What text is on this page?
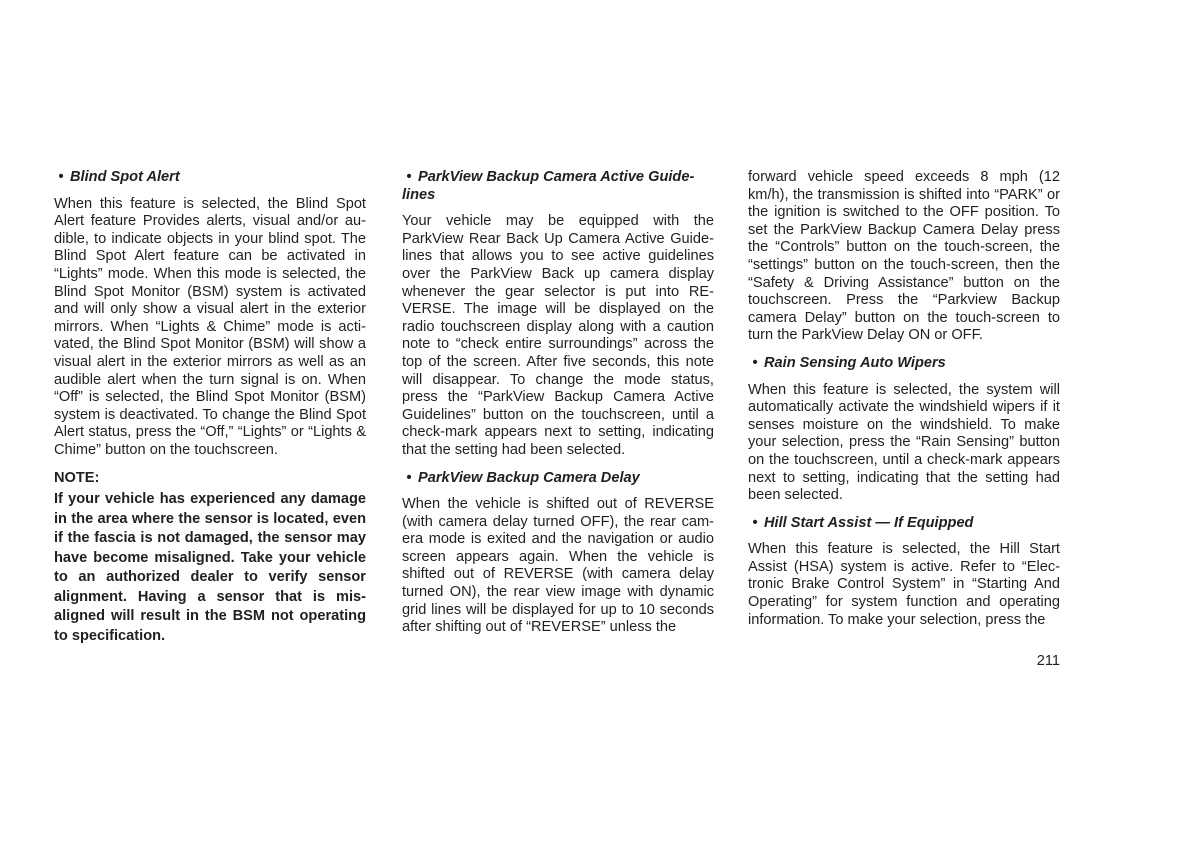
• Blind Spot Alert

When this feature is selected, the Blind Spot Alert feature Provides alerts, visual and/or au-dible, to indicate objects in your blind spot. The Blind Spot Alert feature can be activated in “Lights” mode. When this mode is selected, the Blind Spot Monitor (BSM) system is activated and will only show a visual alert in the exterior mirrors. When “Lights & Chime” mode is acti-vated, the Blind Spot Monitor (BSM) will show a visual alert in the exterior mirrors as well as an audible alert when the turn signal is on. When “Off” is selected, the Blind Spot Monitor (BSM) system is deactivated. To change the Blind Spot Alert status, press the “Off,” “Lights” or “Lights & Chime” button on the touchscreen.

NOTE:

If your vehicle has experienced any damage in the area where the sensor is located, even if the fascia is not damaged, the sensor may have become misaligned. Take your vehicle to an authorized dealer to verify sensor alignment. Having a sensor that is mis-aligned will result in the BSM not operating to specification.

• ParkView Backup Camera Active Guide-lines

Your vehicle may be equipped with the ParkView Rear Back Up Camera Active Guide-lines that allows you to see active guidelines over the ParkView Back up camera display whenever the gear selector is put into RE-VERSE. The image will be displayed on the radio touchscreen display along with a caution note to “check entire surroundings” across the top of the screen. After five seconds, this note will disappear. To change the mode status, press the “ParkView Backup Camera Active Guidelines” button on the touchscreen, until a check-mark appears next to setting, indicating that the setting had been selected.

• ParkView Backup Camera Delay

When the vehicle is shifted out of REVERSE (with camera delay turned OFF), the rear cam-era mode is exited and the navigation or audio screen appears again. When the vehicle is shifted out of REVERSE (with camera delay turned ON), the rear view image with dynamic grid lines will be displayed for up to 10 seconds after shifting out of “REVERSE” unless the

forward vehicle speed exceeds 8 mph (12 km/h), the transmission is shifted into “PARK” or the ignition is switched to the OFF position. To set the ParkView Backup Camera Delay press the “Controls” button on the touch-screen, the “settings” button on the touch-screen, then the “Safety & Driving Assistance” button on the touchscreen. Press the “Parkview Backup camera Delay” button on the touch-screen to turn the ParkView Delay ON or OFF.

• Rain Sensing Auto Wipers

When this feature is selected, the system will automatically activate the windshield wipers if it senses moisture on the windshield. To make your selection, press the “Rain Sensing” button on the touchscreen, until a check-mark appears next to setting, indicating that the setting had been selected.

• Hill Start Assist — If Equipped

When this feature is selected, the Hill Start Assist (HSA) system is active. Refer to “Elec-tronic Brake Control System” in “Starting And Operating” for system function and operating information. To make your selection, press the

211
